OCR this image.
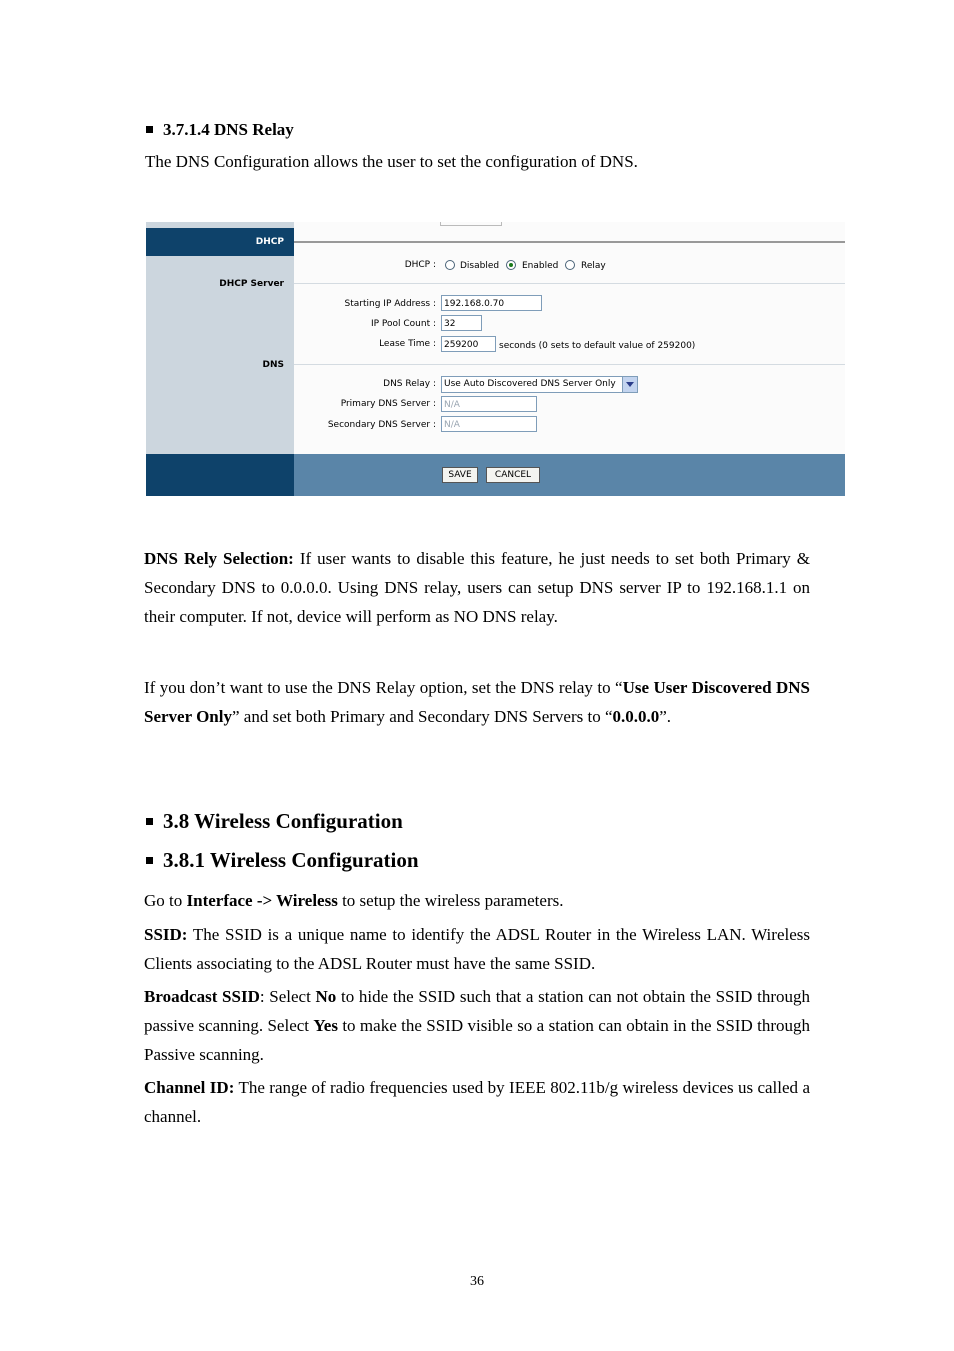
3.7.1.4 DNS Relay
The DNS Configuration allows the user to set the configuration of DNS.
DHCP
DHCP Server
DNS
DHCP :	Disabled	Enabled	Relay
Starting IP Address : 192.168.0.70
IP Pool Count : 32
Lease Time : 259200	seconds (0 sets to default value of 259200)
DNS Relay : Use Auto Discovered DNS Server Only
Primary DNS Server : N/A
Secondary DNS Server : N/A
SAVE	CANCEL
DNS Rely Selection: If user wants to disable this feature, he just needs to set both Primary & Secondary DNS to 0.0.0.0. Using DNS relay, users can setup DNS server IP to 192.168.1.1 on their computer. If not, device will perform as NO DNS relay.
If you don’t want to use the DNS Relay option, set the DNS relay to “Use User Discovered DNS Server Only” and set both Primary and Secondary DNS Servers to “0.0.0.0”.
3.8 Wireless Configuration
3.8.1 Wireless Configuration
Go to Interface -> Wireless to setup the wireless parameters.
SSID: The SSID is a unique name to identify the ADSL Router in the Wireless LAN. Wireless Clients associating to the ADSL Router must have the same SSID.
Broadcast SSID: Select No to hide the SSID such that a station can not obtain the SSID through passive scanning. Select Yes to make the SSID visible so a station can obtain in the SSID through Passive scanning.
Channel ID: The range of radio frequencies used by IEEE 802.11b/g wireless devices us called a channel.
36
